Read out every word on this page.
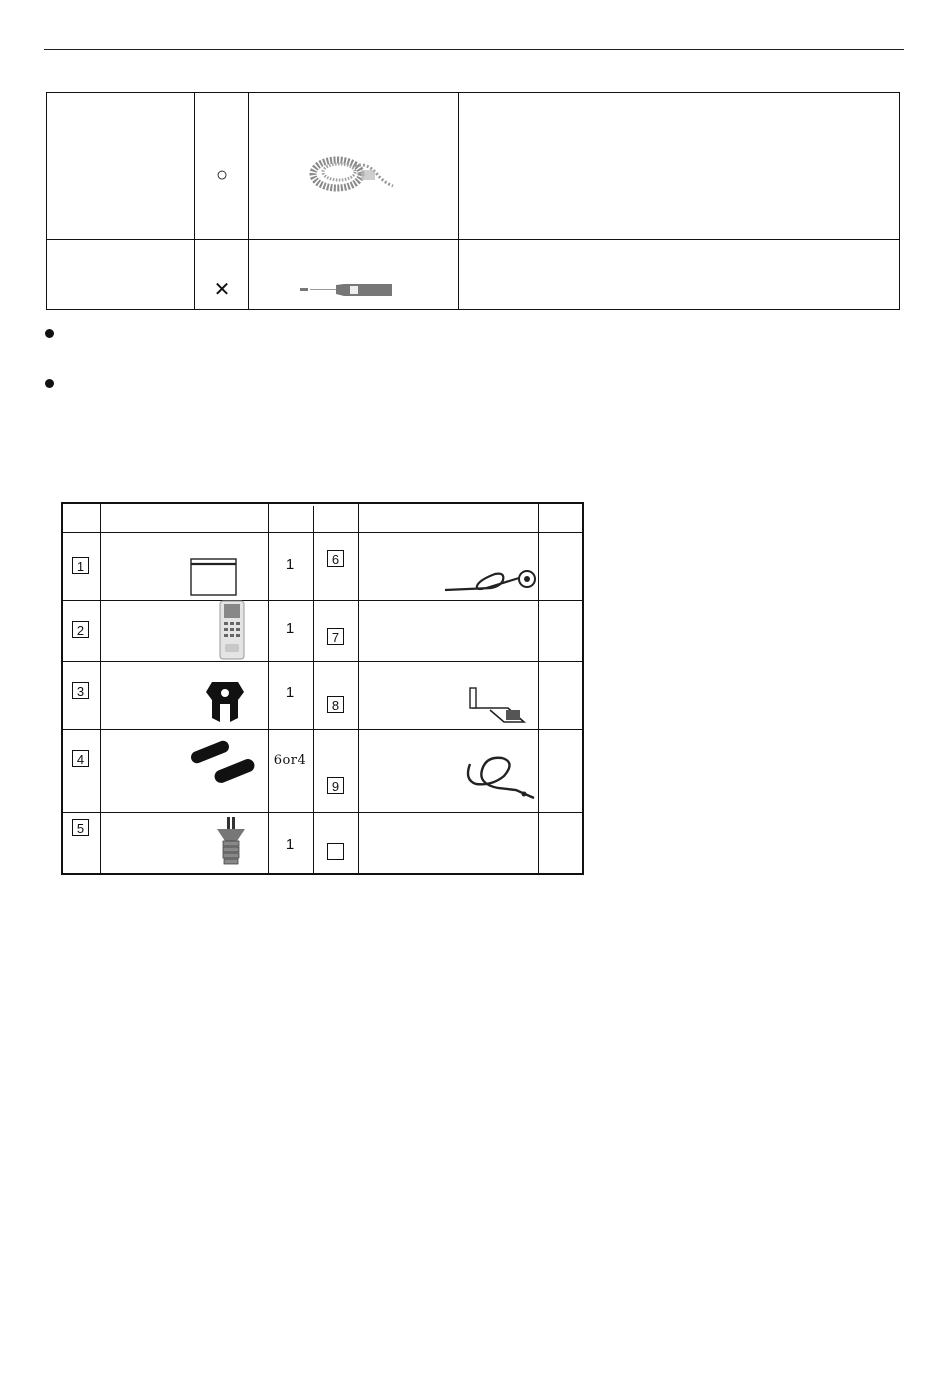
○
✕
1
2
3
4
5
6
7
8
9
1
1
1
6or4
1
